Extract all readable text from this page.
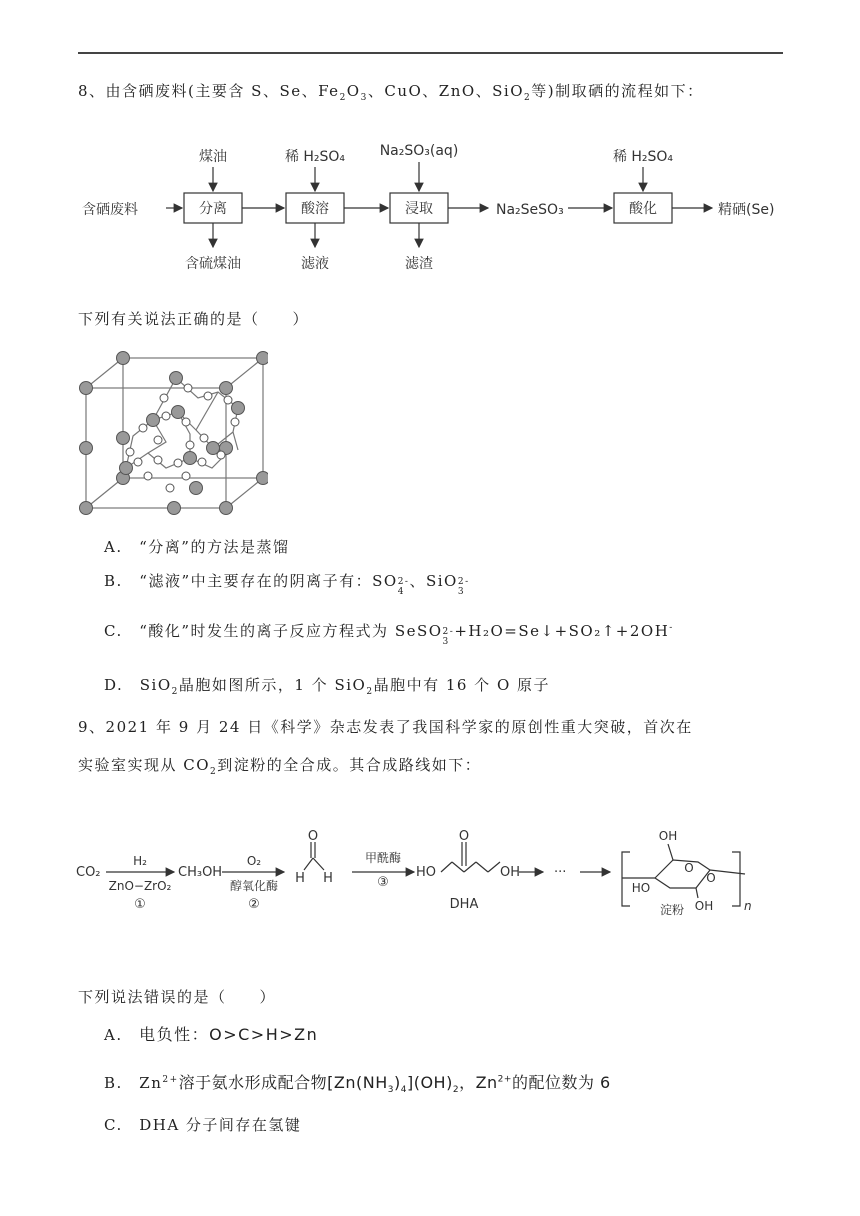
8、由含硒废料(主要含 S、Se、$Fe_2O_3$、CuO、ZnO、SiO$_2$等)制取硒的流程如下：
含硒废料	分离	酸溶	浸取	酸化
煤油	稀 H₂SO₄ Na₂SO₃(aq)	稀 H₂SO₄
含硫煤油	滤液	滤渣
Na₂SeSO₃	精硒(Se)
下列有关说法正确的是（　　）
A.　“分离”的方法是蒸馏
B.　“滤液”中主要存在的阴离子有：SO 2-
4
、SiO 2-
3
C.　“酸化”时发生的离子反应方程式为 SeSO 2-
3
+H₂O=Se↓+SO₂↑+2OH-
D.　SiO$_2$晶胞如图所示，1 个 SiO$_2$晶胞中有 16 个 O 原子
9、2021 年 9 月 24 日《科学》杂志发表了我国科学家的原创性重大突破，首次在
实验室实现从 $CO_2$到淀粉的全合成。其合成路线如下：
CO₂
H₂
ZnO−ZrO₂
①
CH₃OH
O₂
醇氧化酶
②
O
H H
甲酰酶
③
HO
O
OH
DHA
···
OH
O
HO
O
OH
淀粉	n
下列说法错误的是（　　）
A.　电负性：O>C>H>Zn
B.　$Zn^{2+}$溶于氨水形成配合物$[Zn(NH_3)_4](OH)_2$，$Zn^{2+}$的配位数为 6
C.　DHA 分子间存在氢键
